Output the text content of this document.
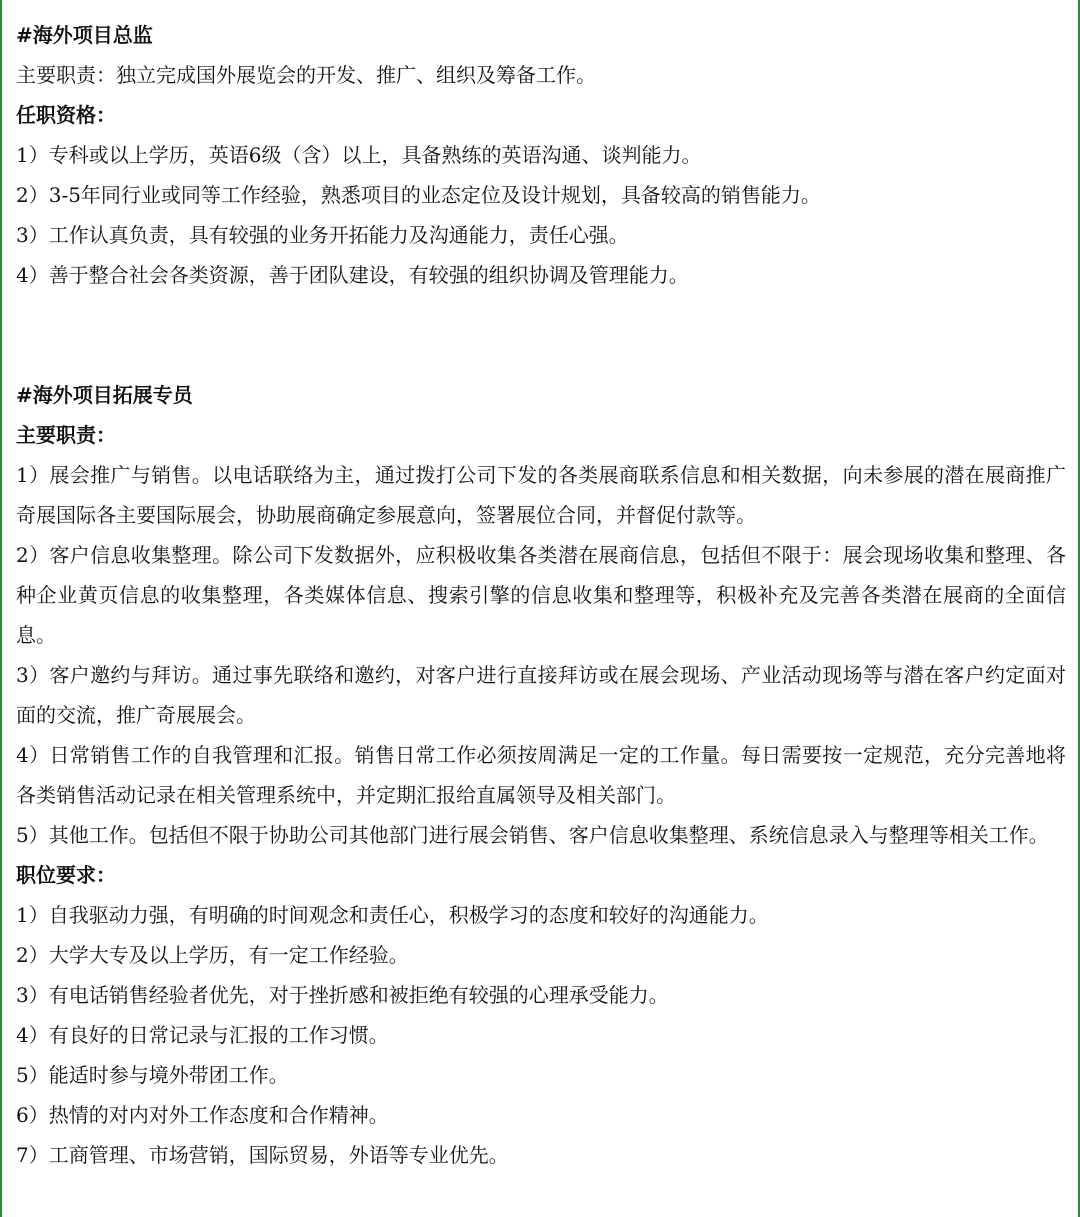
#海外项目总监

主要职责：独立完成国外展览会的开发、推广、组织及筹备工作。

任职资格：

1）专科或以上学历，英语6级（含）以上，具备熟练的英语沟通、谈判能力。

2）3-5年同行业或同等工作经验，熟悉项目的业态定位及设计规划，具备较高的销售能力。

3）工作认真负责，具有较强的业务开拓能力及沟通能力，责任心强。

4）善于整合社会各类资源，善于团队建设，有较强的组织协调及管理能力。

#海外项目拓展专员

主要职责：

1）展会推广与销售。以电话联络为主，通过拨打公司下发的各类展商联系信息和相关数据，向未参展的潜在展商推广奇展国际各主要国际展会，协助展商确定参展意向，签署展位合同，并督促付款等。

2）客户信息收集整理。除公司下发数据外，应积极收集各类潜在展商信息，包括但不限于：展会现场收集和整理、各种企业黄页信息的收集整理，各类媒体信息、搜索引擎的信息收集和整理等，积极补充及完善各类潜在展商的全面信息。

3）客户邀约与拜访。通过事先联络和邀约，对客户进行直接拜访或在展会现场、产业活动现场等与潜在客户约定面对面的交流，推广奇展展会。

4）日常销售工作的自我管理和汇报。销售日常工作必须按周满足一定的工作量。每日需要按一定规范，充分完善地将各类销售活动记录在相关管理系统中，并定期汇报给直属领导及相关部门。

5）其他工作。包括但不限于协助公司其他部门进行展会销售、客户信息收集整理、系统信息录入与整理等相关工作。

职位要求：

1）自我驱动力强，有明确的时间观念和责任心，积极学习的态度和较好的沟通能力。

2）大学大专及以上学历，有一定工作经验。

3）有电话销售经验者优先，对于挫折感和被拒绝有较强的心理承受能力。

4）有良好的日常记录与汇报的工作习惯。

5）能适时参与境外带团工作。

6）热情的对内对外工作态度和合作精神。

7）工商管理、市场营销，国际贸易，外语等专业优先。
